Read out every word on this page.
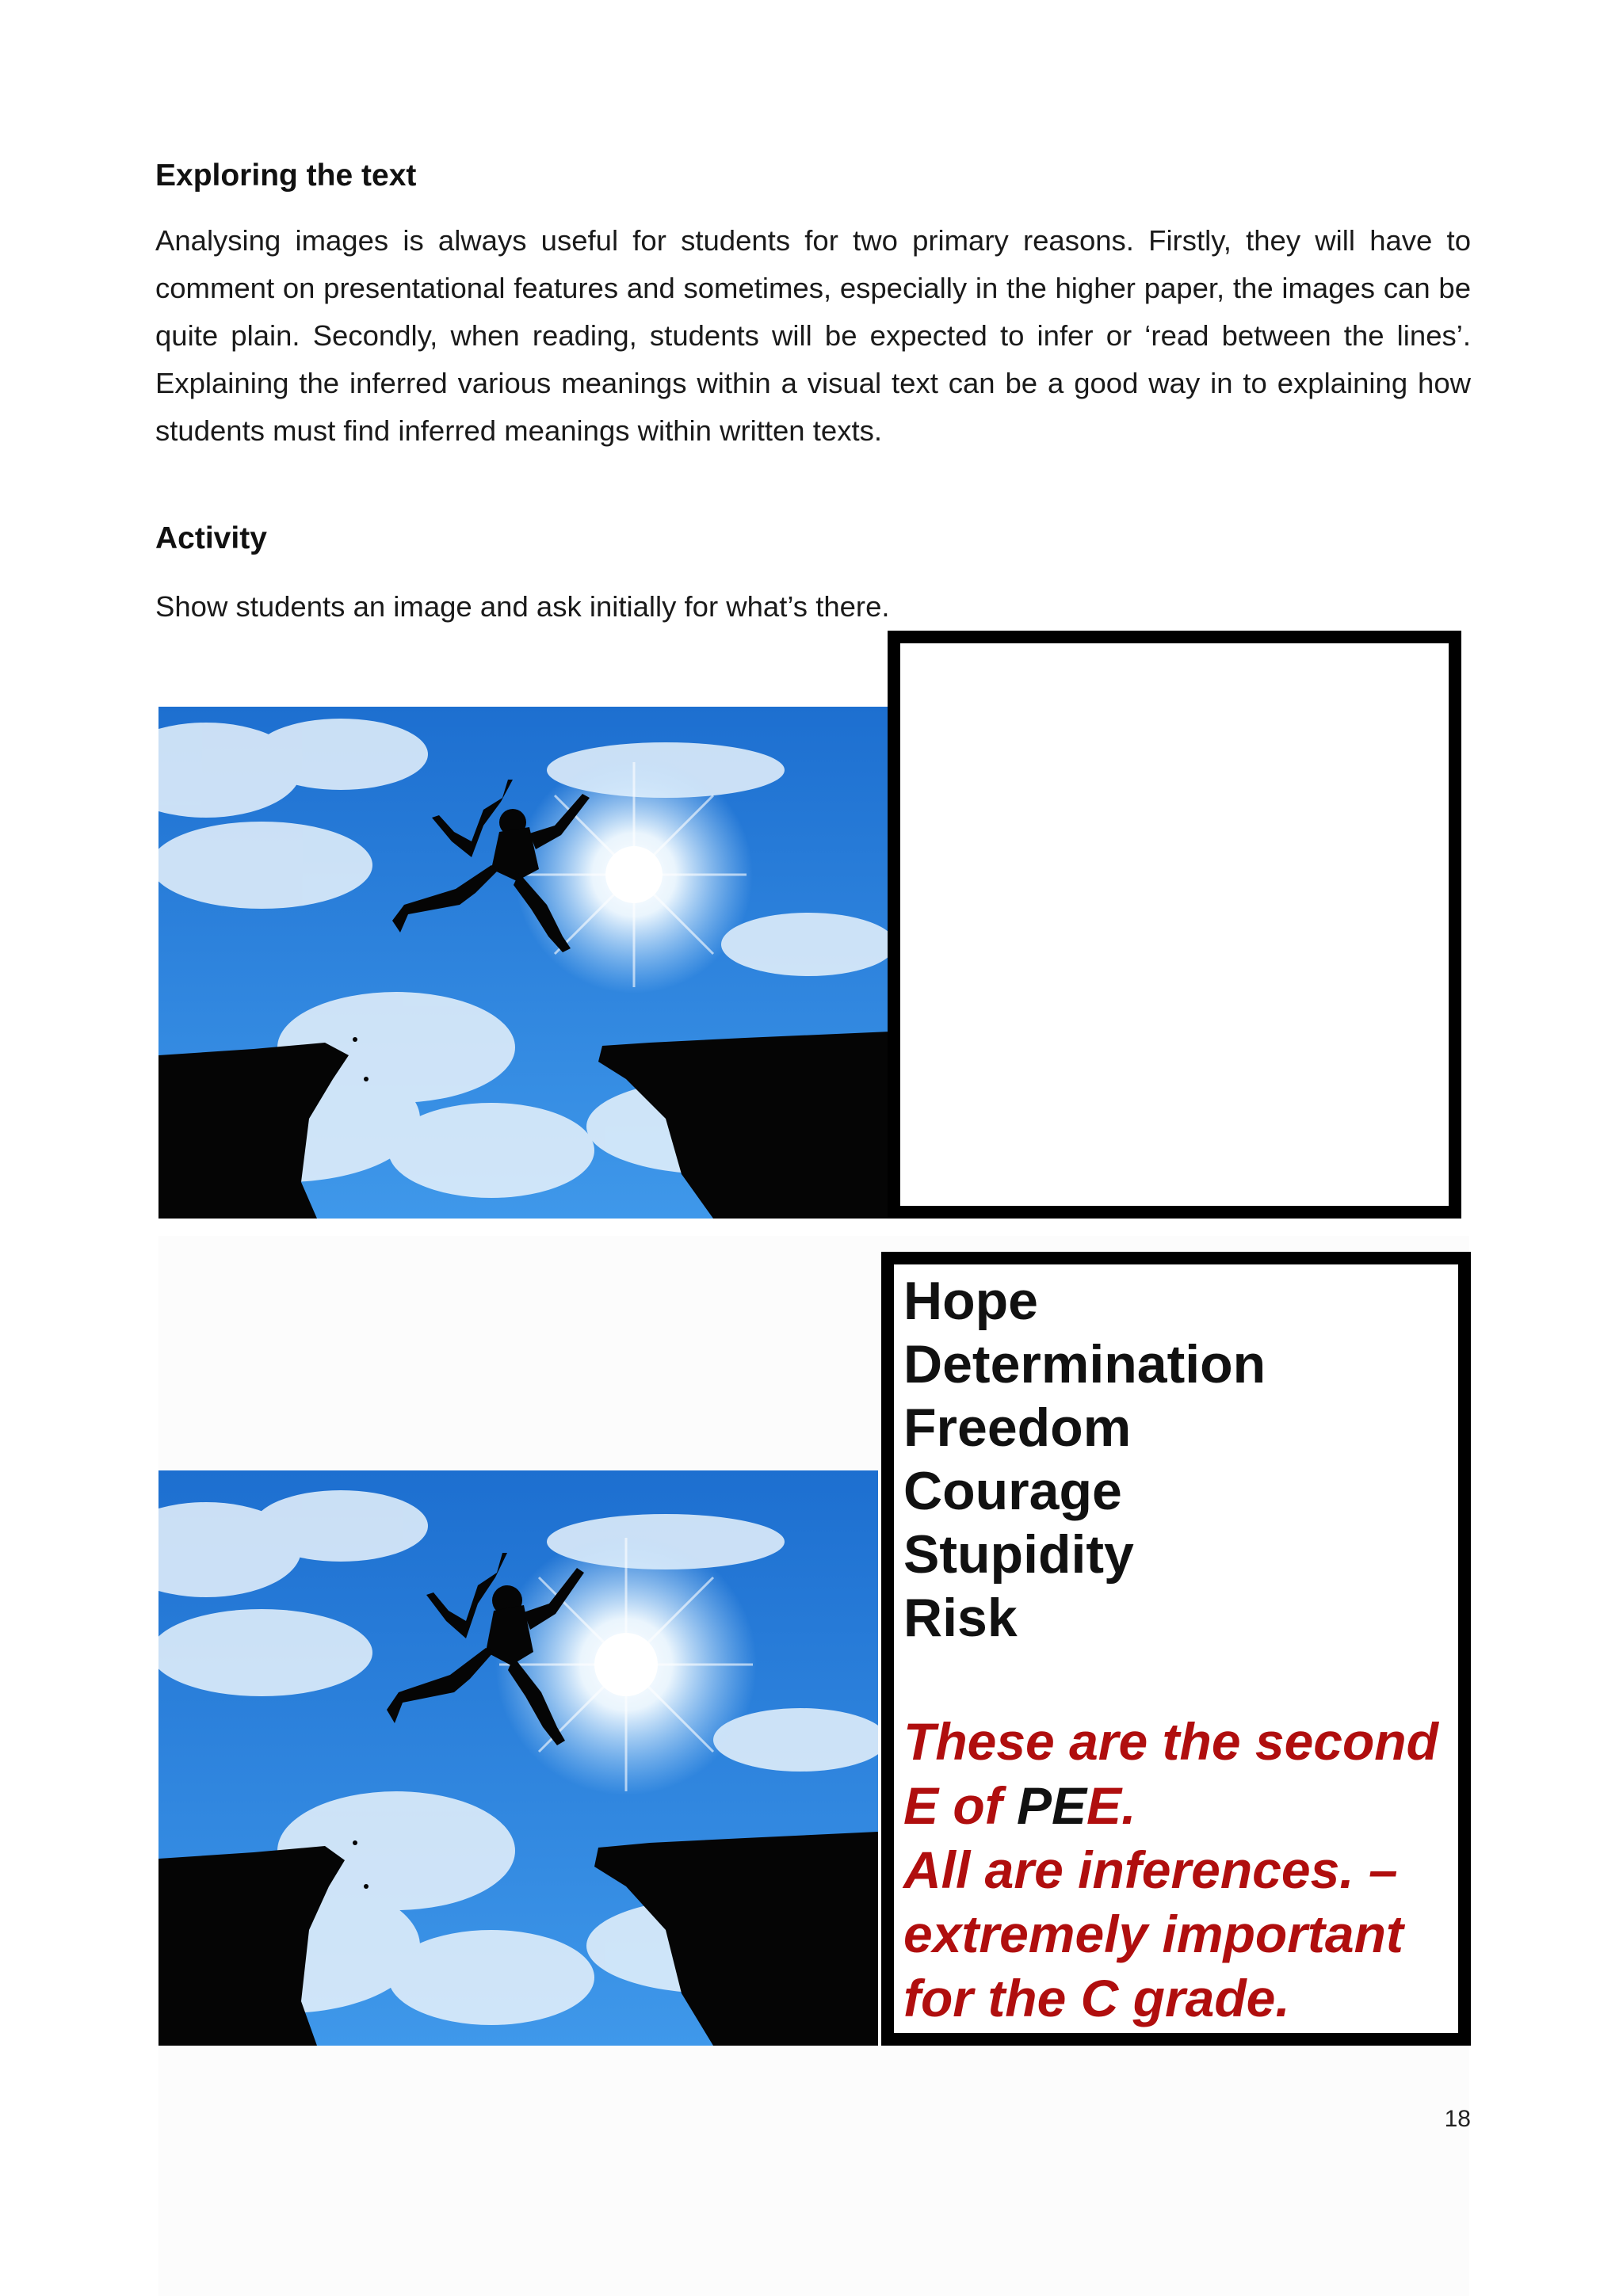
Exploring the text

Analysing images is always useful for students for two primary reasons. Firstly, they will have to comment on presentational features and sometimes, especially in the higher paper, the images can be quite plain. Secondly, when reading, students will be expected to infer or ‘read between the lines’. Explaining the inferred various meanings within a visual text can be a good way in to explaining how students must find inferred meanings within written texts.

Activity

Show students an image and ask initially for what’s there.

Hope
Determination
Freedom
Courage
Stupidity
Risk

These are the second E of PEE.
All are inferences. – extremely important for the C grade.

18
